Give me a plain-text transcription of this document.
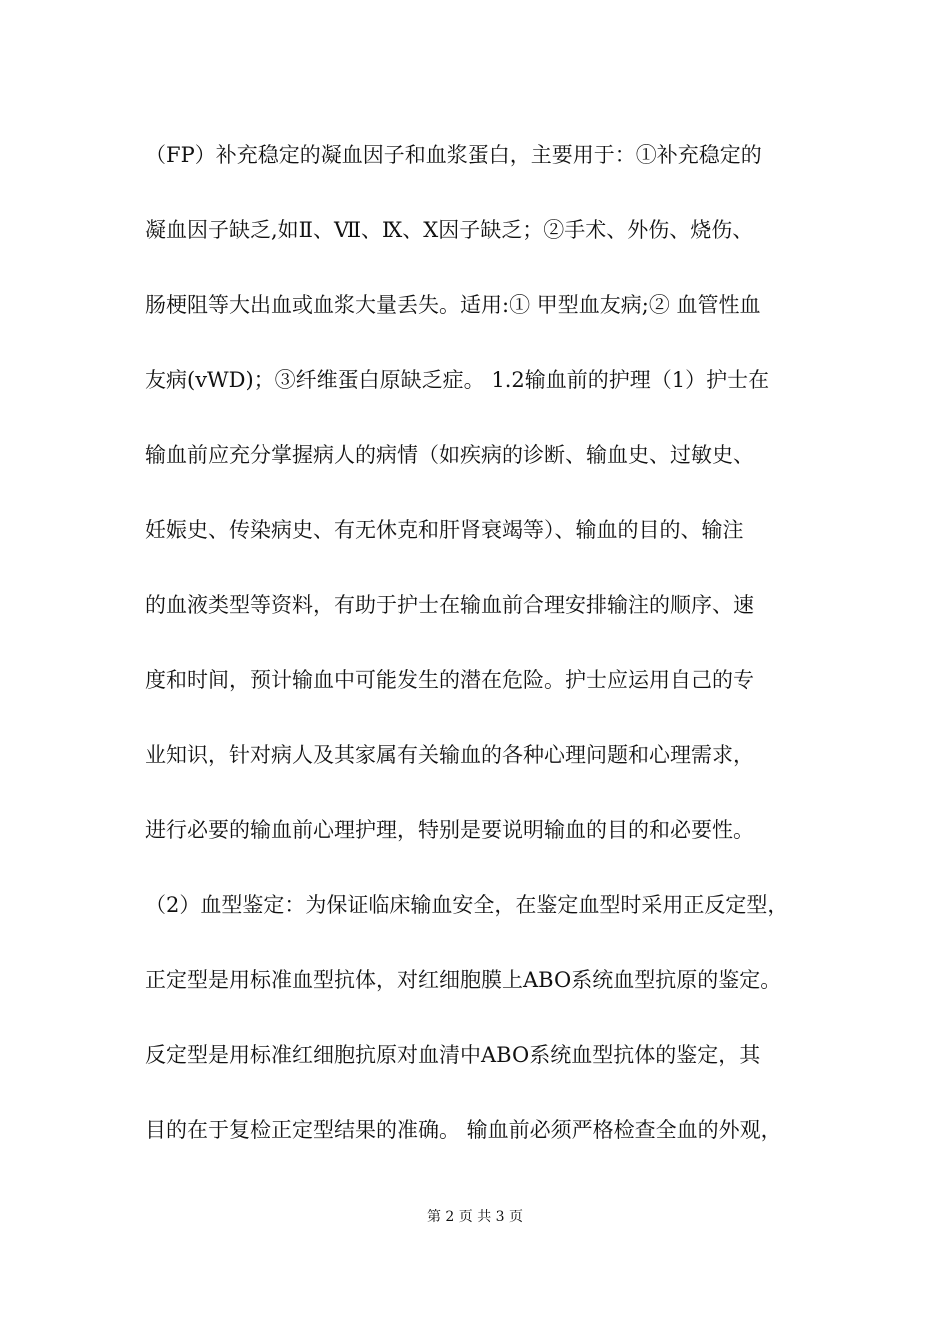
（FP）补充稳定的凝血因子和血浆蛋白，主要用于：①补充稳定的
凝血因子缺乏,如Ⅱ、Ⅶ、Ⅸ、Ⅹ因子缺乏；②手术、外伤、烧伤、
肠梗阻等大出血或血浆大量丢失。适用:① 甲型血友病;② 血管性血
友病(vWD)；③纤维蛋白原缺乏症。 1.2输血前的护理（1）护士在
输血前应充分掌握病人的病情（如疾病的诊断、输血史、过敏史、
妊娠史、传染病史、有无休克和肝肾衰竭等）、输血的目的、输注
的血液类型等资料，有助于护士在输血前合理安排输注的顺序、速
度和时间，预计输血中可能发生的潜在危险。护士应运用自己的专
业知识，针对病人及其家属有关输血的各种心理问题和心理需求，
进行必要的输血前心理护理，特别是要说明输血的目的和必要性。
（2）血型鉴定：为保证临床输血安全，在鉴定血型时采用正反定型，
正定型是用标准血型抗体，对红细胞膜上ABO系统血型抗原的鉴定。
反定型是用标准红细胞抗原对血清中ABO系统血型抗体的鉴定，其
目的在于复检正定型结果的准确。 输血前必须严格检查全血的外观，
第 2 页 共 3 页
